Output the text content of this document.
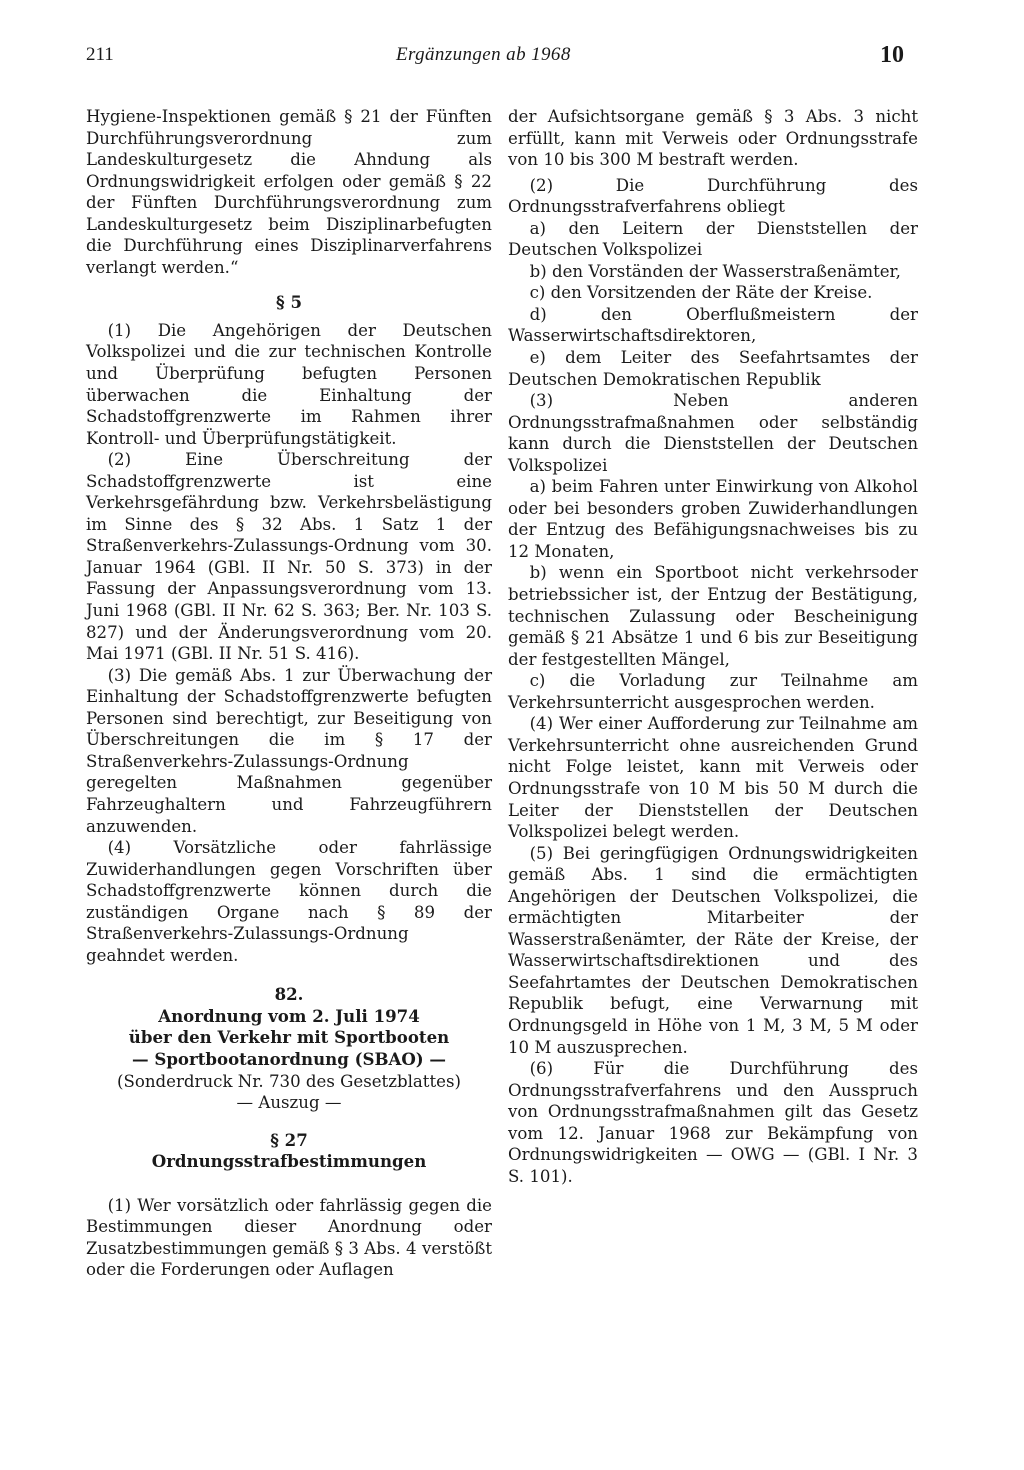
211	Ergänzungen ab 1968	10

Hygiene-Inspektionen gemäß § 21 der Fünften Durchführungsverordnung zum Landeskulturgesetz die Ahndung als Ordnungswidrigkeit erfolgen oder gemäß § 22 der Fünften Durchführungsverordnung zum Landeskulturgesetz beim Disziplinarbefugten die Durchführung eines Disziplinarverfahrens verlangt werden.“

§ 5

(1) Die Angehörigen der Deutschen Volkspolizei und die zur technischen Kontrolle und Überprüfung befugten Personen überwachen die Einhaltung der Schadstoffgrenzwerte im Rahmen ihrer Kontroll- und Überprüfungstätigkeit.

(2) Eine Überschreitung der Schadstoffgrenzwerte ist eine Verkehrsgefährdung bzw. Verkehrsbelästigung im Sinne des § 32 Abs. 1 Satz 1 der Straßenverkehrs-Zulassungs-Ordnung vom 30. Januar 1964 (GBl. II Nr. 50 S. 373) in der Fassung der Anpassungsverordnung vom 13. Juni 1968 (GBl. II Nr. 62 S. 363; Ber. Nr. 103 S. 827) und der Änderungsverordnung vom 20. Mai 1971 (GBl. II Nr. 51 S. 416).

(3) Die gemäß Abs. 1 zur Überwachung der Einhaltung der Schadstoffgrenzwerte befugten Personen sind berechtigt, zur Beseitigung von Überschreitungen die im § 17 der Straßenverkehrs-Zulassungs-Ordnung geregelten Maßnahmen gegenüber Fahrzeughaltern und Fahrzeugführern anzuwenden.

(4) Vorsätzliche oder fahrlässige Zuwiderhandlungen gegen Vorschriften über Schadstoffgrenzwerte können durch die zuständigen Organe nach § 89 der Straßenverkehrs-Zulassungs-Ordnung geahndet werden.

82.
Anordnung vom 2. Juli 1974
über den Verkehr mit Sportbooten
— Sportbootanordnung (SBAO) —
(Sonderdruck Nr. 730 des Gesetzblattes)
— Auszug —
§ 27
Ordnungsstrafbestimmungen

(1) Wer vorsätzlich oder fahrlässig gegen die Bestimmungen dieser Anordnung oder Zusatzbestimmungen gemäß § 3 Abs. 4 verstößt oder die Forderungen oder Auflagen

der Aufsichtsorgane gemäß § 3 Abs. 3 nicht erfüllt, kann mit Verweis oder Ordnungsstrafe von 10 bis 300 M bestraft werden.

(2) Die Durchführung des Ordnungsstrafverfahrens obliegt

a) den Leitern der Dienststellen der Deutschen Volkspolizei

b) den Vorständen der Wasserstraßenämter,

c) den Vorsitzenden der Räte der Kreise.

d) den Oberflußmeistern der Wasserwirtschaftsdirektoren,

e) dem Leiter des Seefahrtsamtes der Deutschen Demokratischen Republik

(3) Neben anderen Ordnungsstrafmaßnahmen oder selbständig kann durch die Dienststellen der Deutschen Volkspolizei

a) beim Fahren unter Einwirkung von Alkohol oder bei besonders groben Zuwiderhandlungen der Entzug des Befähigungsnachweises bis zu 12 Monaten,

b) wenn ein Sportboot nicht verkehrsoder betriebssicher ist, der Entzug der Bestätigung, technischen Zulassung oder Bescheinigung gemäß § 21 Absätze 1 und 6 bis zur Beseitigung der festgestellten Mängel,

c) die Vorladung zur Teilnahme am Verkehrsunterricht ausgesprochen werden.

(4) Wer einer Aufforderung zur Teilnahme am Verkehrsunterricht ohne ausreichenden Grund nicht Folge leistet, kann mit Verweis oder Ordnungsstrafe von 10 M bis 50 M durch die Leiter der Dienststellen der Deutschen Volkspolizei belegt werden.

(5) Bei geringfügigen Ordnungswidrigkeiten gemäß Abs. 1 sind die ermächtigten Angehörigen der Deutschen Volkspolizei, die ermächtigten Mitarbeiter der Wasserstraßenämter, der Räte der Kreise, der Wasserwirtschaftsdirektionen und des Seefahrtamtes der Deutschen Demokratischen Republik befugt, eine Verwarnung mit Ordnungsgeld in Höhe von 1 M, 3 M, 5 M oder 10 M auszusprechen.

(6) Für die Durchführung des Ordnungsstrafverfahrens und den Ausspruch von Ordnungsstrafmaßnahmen gilt das Gesetz vom 12. Januar 1968 zur Bekämpfung von Ordnungswidrigkeiten — OWG — (GBl. I Nr. 3 S. 101).
